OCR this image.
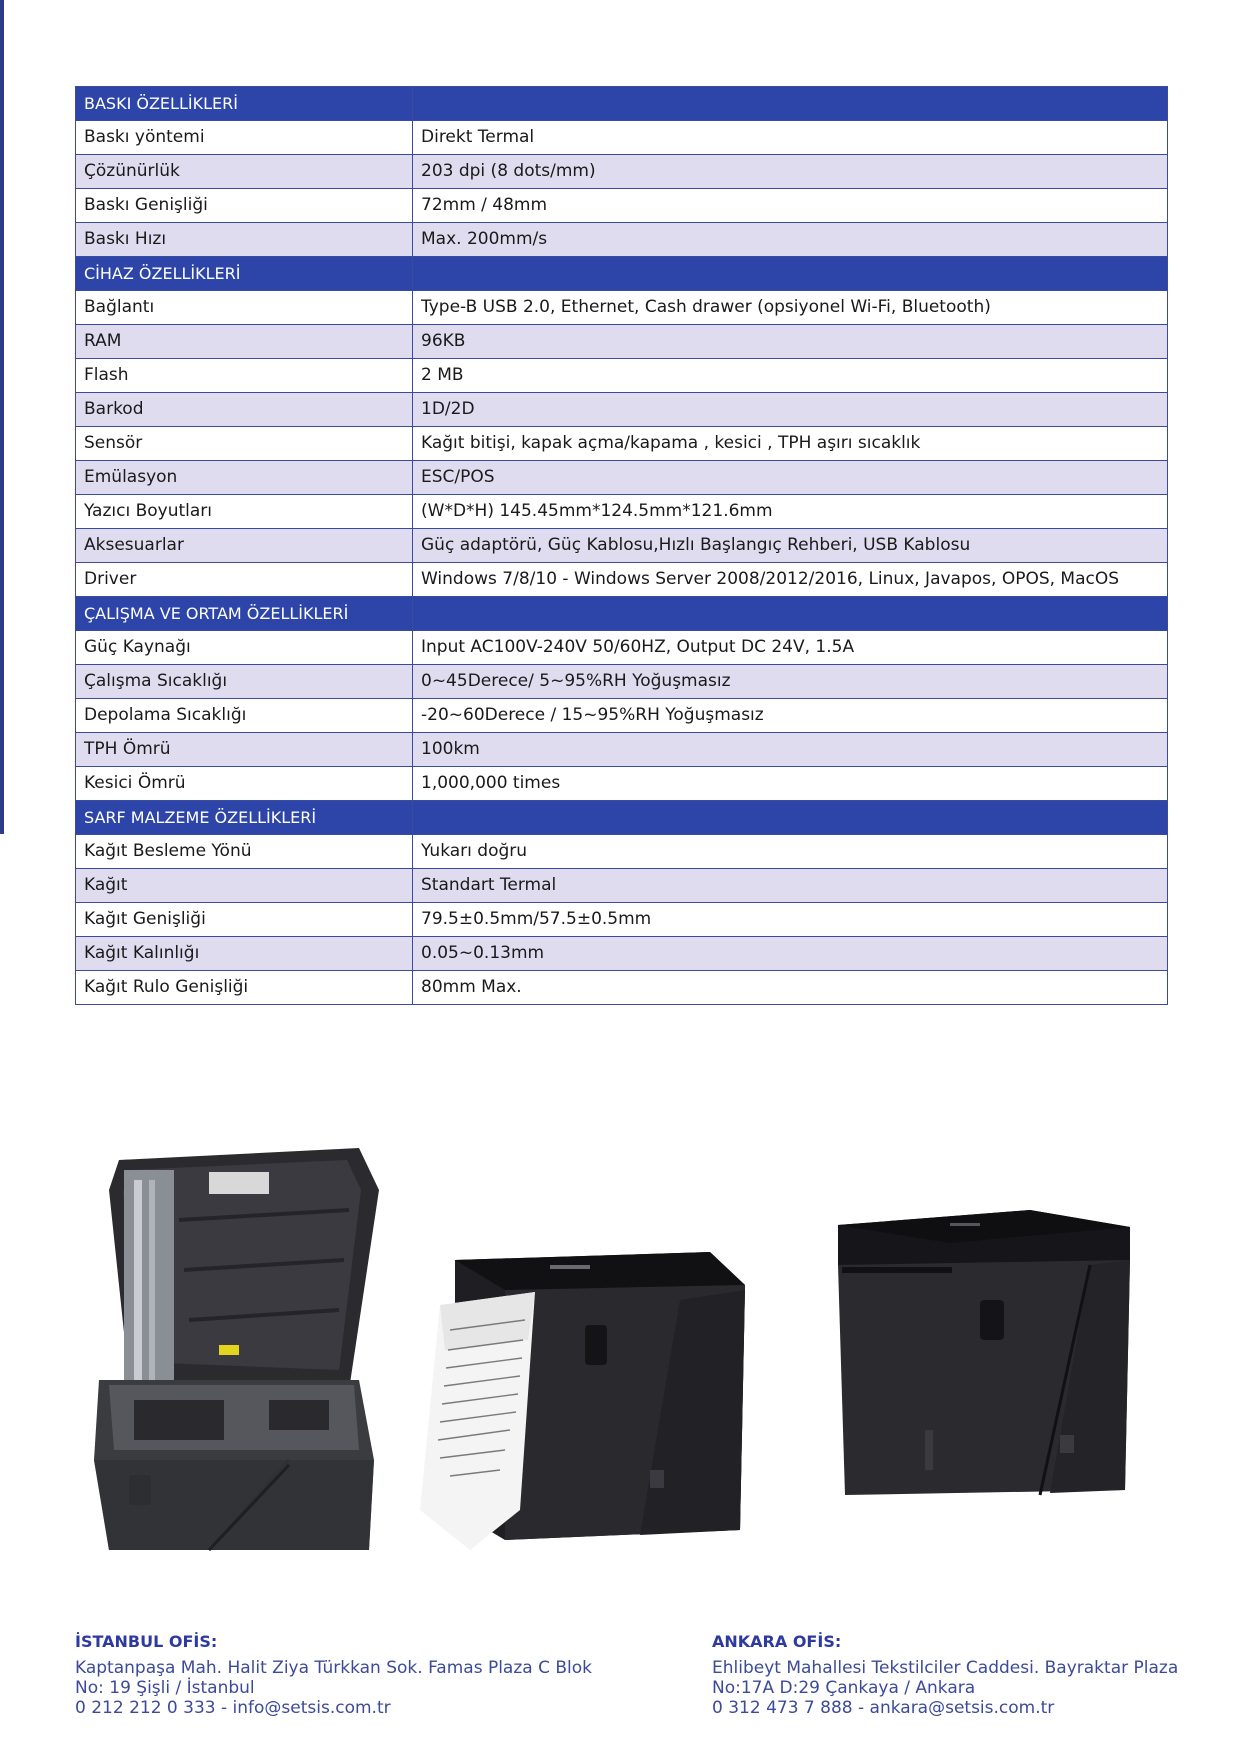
BASKI ÖZELLİKLERİ	
Baskı yöntemi	Direkt Termal
Çözünürlük	203 dpi (8 dots/mm)
Baskı Genişliği	72mm / 48mm
Baskı Hızı	Max. 200mm/s
CİHAZ ÖZELLİKLERİ	
Bağlantı	Type-B USB 2.0, Ethernet, Cash drawer (opsiyonel Wi-Fi, Bluetooth)
RAM	96KB
Flash	2 MB
Barkod	1D/2D
Sensör	Kağıt bitişi, kapak açma/kapama , kesici , TPH aşırı sıcaklık
Emülasyon	ESC/POS
Yazıcı Boyutları	(W*D*H) 145.45mm*124.5mm*121.6mm
Aksesuarlar	Güç adaptörü, Güç Kablosu,Hızlı Başlangıç Rehberi, USB Kablosu
Driver	Windows 7/8/10 - Windows Server 2008/2012/2016, Linux, Javapos, OPOS, MacOS
ÇALIŞMA VE ORTAM ÖZELLİKLERİ	
Güç Kaynağı	Input AC100V-240V 50/60HZ, Output DC 24V, 1.5A
Çalışma Sıcaklığı	0~45Derece/ 5~95%RH Yoğuşmasız
Depolama Sıcaklığı	-20~60Derece / 15~95%RH Yoğuşmasız
TPH Ömrü	100km
Kesici Ömrü	1,000,000 times
SARF MALZEME ÖZELLİKLERİ	
Kağıt Besleme Yönü	Yukarı doğru
Kağıt	Standart Termal
Kağıt Genişliği	79.5±0.5mm/57.5±0.5mm
Kağıt Kalınlığı	0.05~0.13mm
Kağıt Rulo Genişliği	80mm Max.
İSTANBUL OFİS:
Kaptanpaşa Mah. Halit Ziya Türkkan Sok. Famas Plaza C Blok
No: 19 Şişli / İstanbul
0 212 212 0 333 - info@setsis.com.tr
ANKARA OFİS:
Ehlibeyt Mahallesi Tekstilciler Caddesi. Bayraktar Plaza
No:17A D:29 Çankaya / Ankara
0 312 473 7 888 - ankara@setsis.com.tr
